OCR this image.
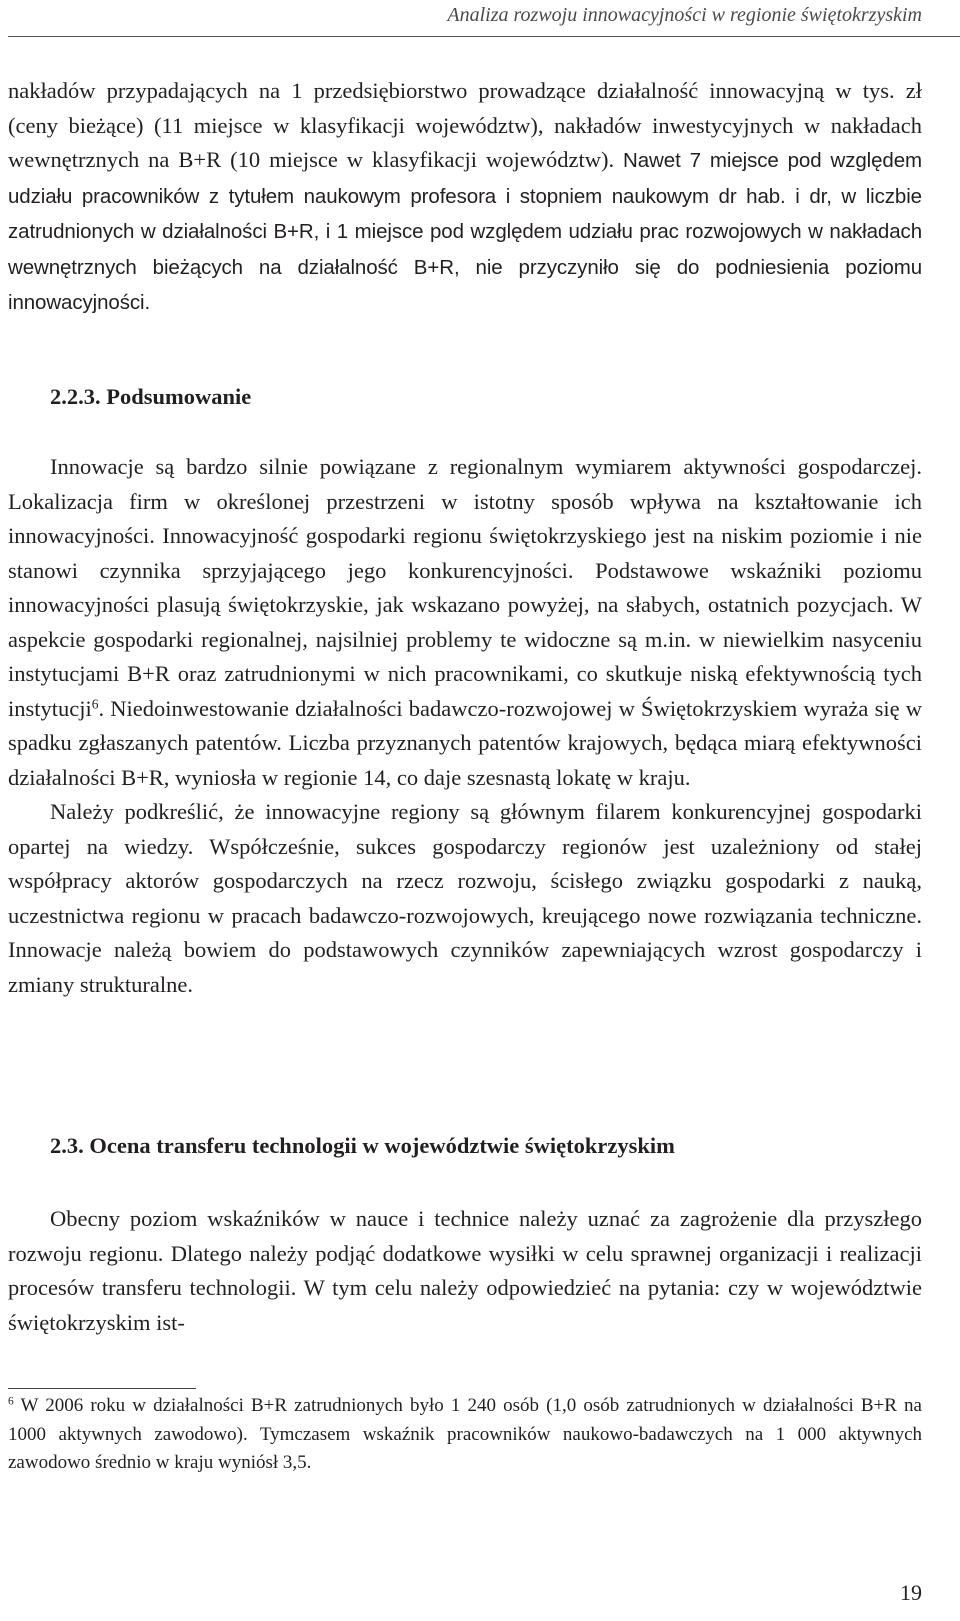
Analiza rozwoju innowacyjności w regionie świętokrzyskim

nakładów przypadających na 1 przedsiębiorstwo prowadzące działalność innowacyjną w tys. zł (ceny bieżące) (11 miejsce w klasyfikacji województw), nakładów inwestycyjnych w nakładach wewnętrznych na B+R (10 miejsce w klasyfikacji województw). Nawet 7 miejsce pod względem udziału pracowników z tytułem naukowym profesora i stopniem naukowym dr hab. i dr, w liczbie zatrudnionych w działalności B+R, i 1 miejsce pod względem udziału prac rozwojowych w nakładach wewnętrznych bieżących na działalność B+R, nie przyczyniło się do podniesienia poziomu innowacyjności.

2.2.3. Podsumowanie

Innowacje są bardzo silnie powiązane z regionalnym wymiarem aktywności gospodarczej. Lokalizacja firm w określonej przestrzeni w istotny sposób wpływa na kształtowanie ich innowacyjności. Innowacyjność gospodarki regionu świętokrzyskiego jest na niskim poziomie i nie stanowi czynnika sprzyjającego jego konkurencyjności. Podstawowe wskaźniki poziomu innowacyjności plasują świętokrzyskie, jak wskazano powyżej, na słabych, ostatnich pozycjach. W aspekcie gospodarki regionalnej, najsilniej problemy te widoczne są m.in. w niewielkim nasyceniu instytucjami B+R oraz zatrudnionymi w nich pracownikami, co skutkuje niską efektywnością tych instytucji$^6$. Niedoinwestowanie działalności badawczo-rozwojowej w Świętokrzyskiem wyraża się w spadku zgłaszanych patentów. Liczba przyznanych patentów krajowych, będąca miarą efektywności działalności B+R, wyniosła w regionie 14, co daje szesnastą lokatę w kraju.

Należy podkreślić, że innowacyjne regiony są głównym filarem konkurencyjnej gospodarki opartej na wiedzy. Współcześnie, sukces gospodarczy regionów jest uzależniony od stałej współpracy aktorów gospodarczych na rzecz rozwoju, ścisłego związku gospodarki z nauką, uczestnictwa regionu w pracach badawczo-rozwojowych, kreującego nowe rozwiązania techniczne. Innowacje należą bowiem do podstawowych czynników zapewniających wzrost gospodarczy i zmiany strukturalne.

2.3. Ocena transferu technologii w województwie świętokrzyskim

Obecny poziom wskaźników w nauce i technice należy uznać za zagrożenie dla przyszłego rozwoju regionu. Dlatego należy podjąć dodatkowe wysiłki w celu sprawnej organizacji i realizacji procesów transferu technologii. W tym celu należy odpowiedzieć na pytania: czy w województwie świętokrzyskim ist-

$^6$ W 2006 roku w działalności B+R zatrudnionych było 1 240 osób (1,0 osób zatrudnionych w działalności B+R na 1000 aktywnych zawodowo). Tymczasem wskaźnik pracowników naukowo-badawczych na 1 000 aktywnych zawodowo średnio w kraju wyniósł 3,5.

19
